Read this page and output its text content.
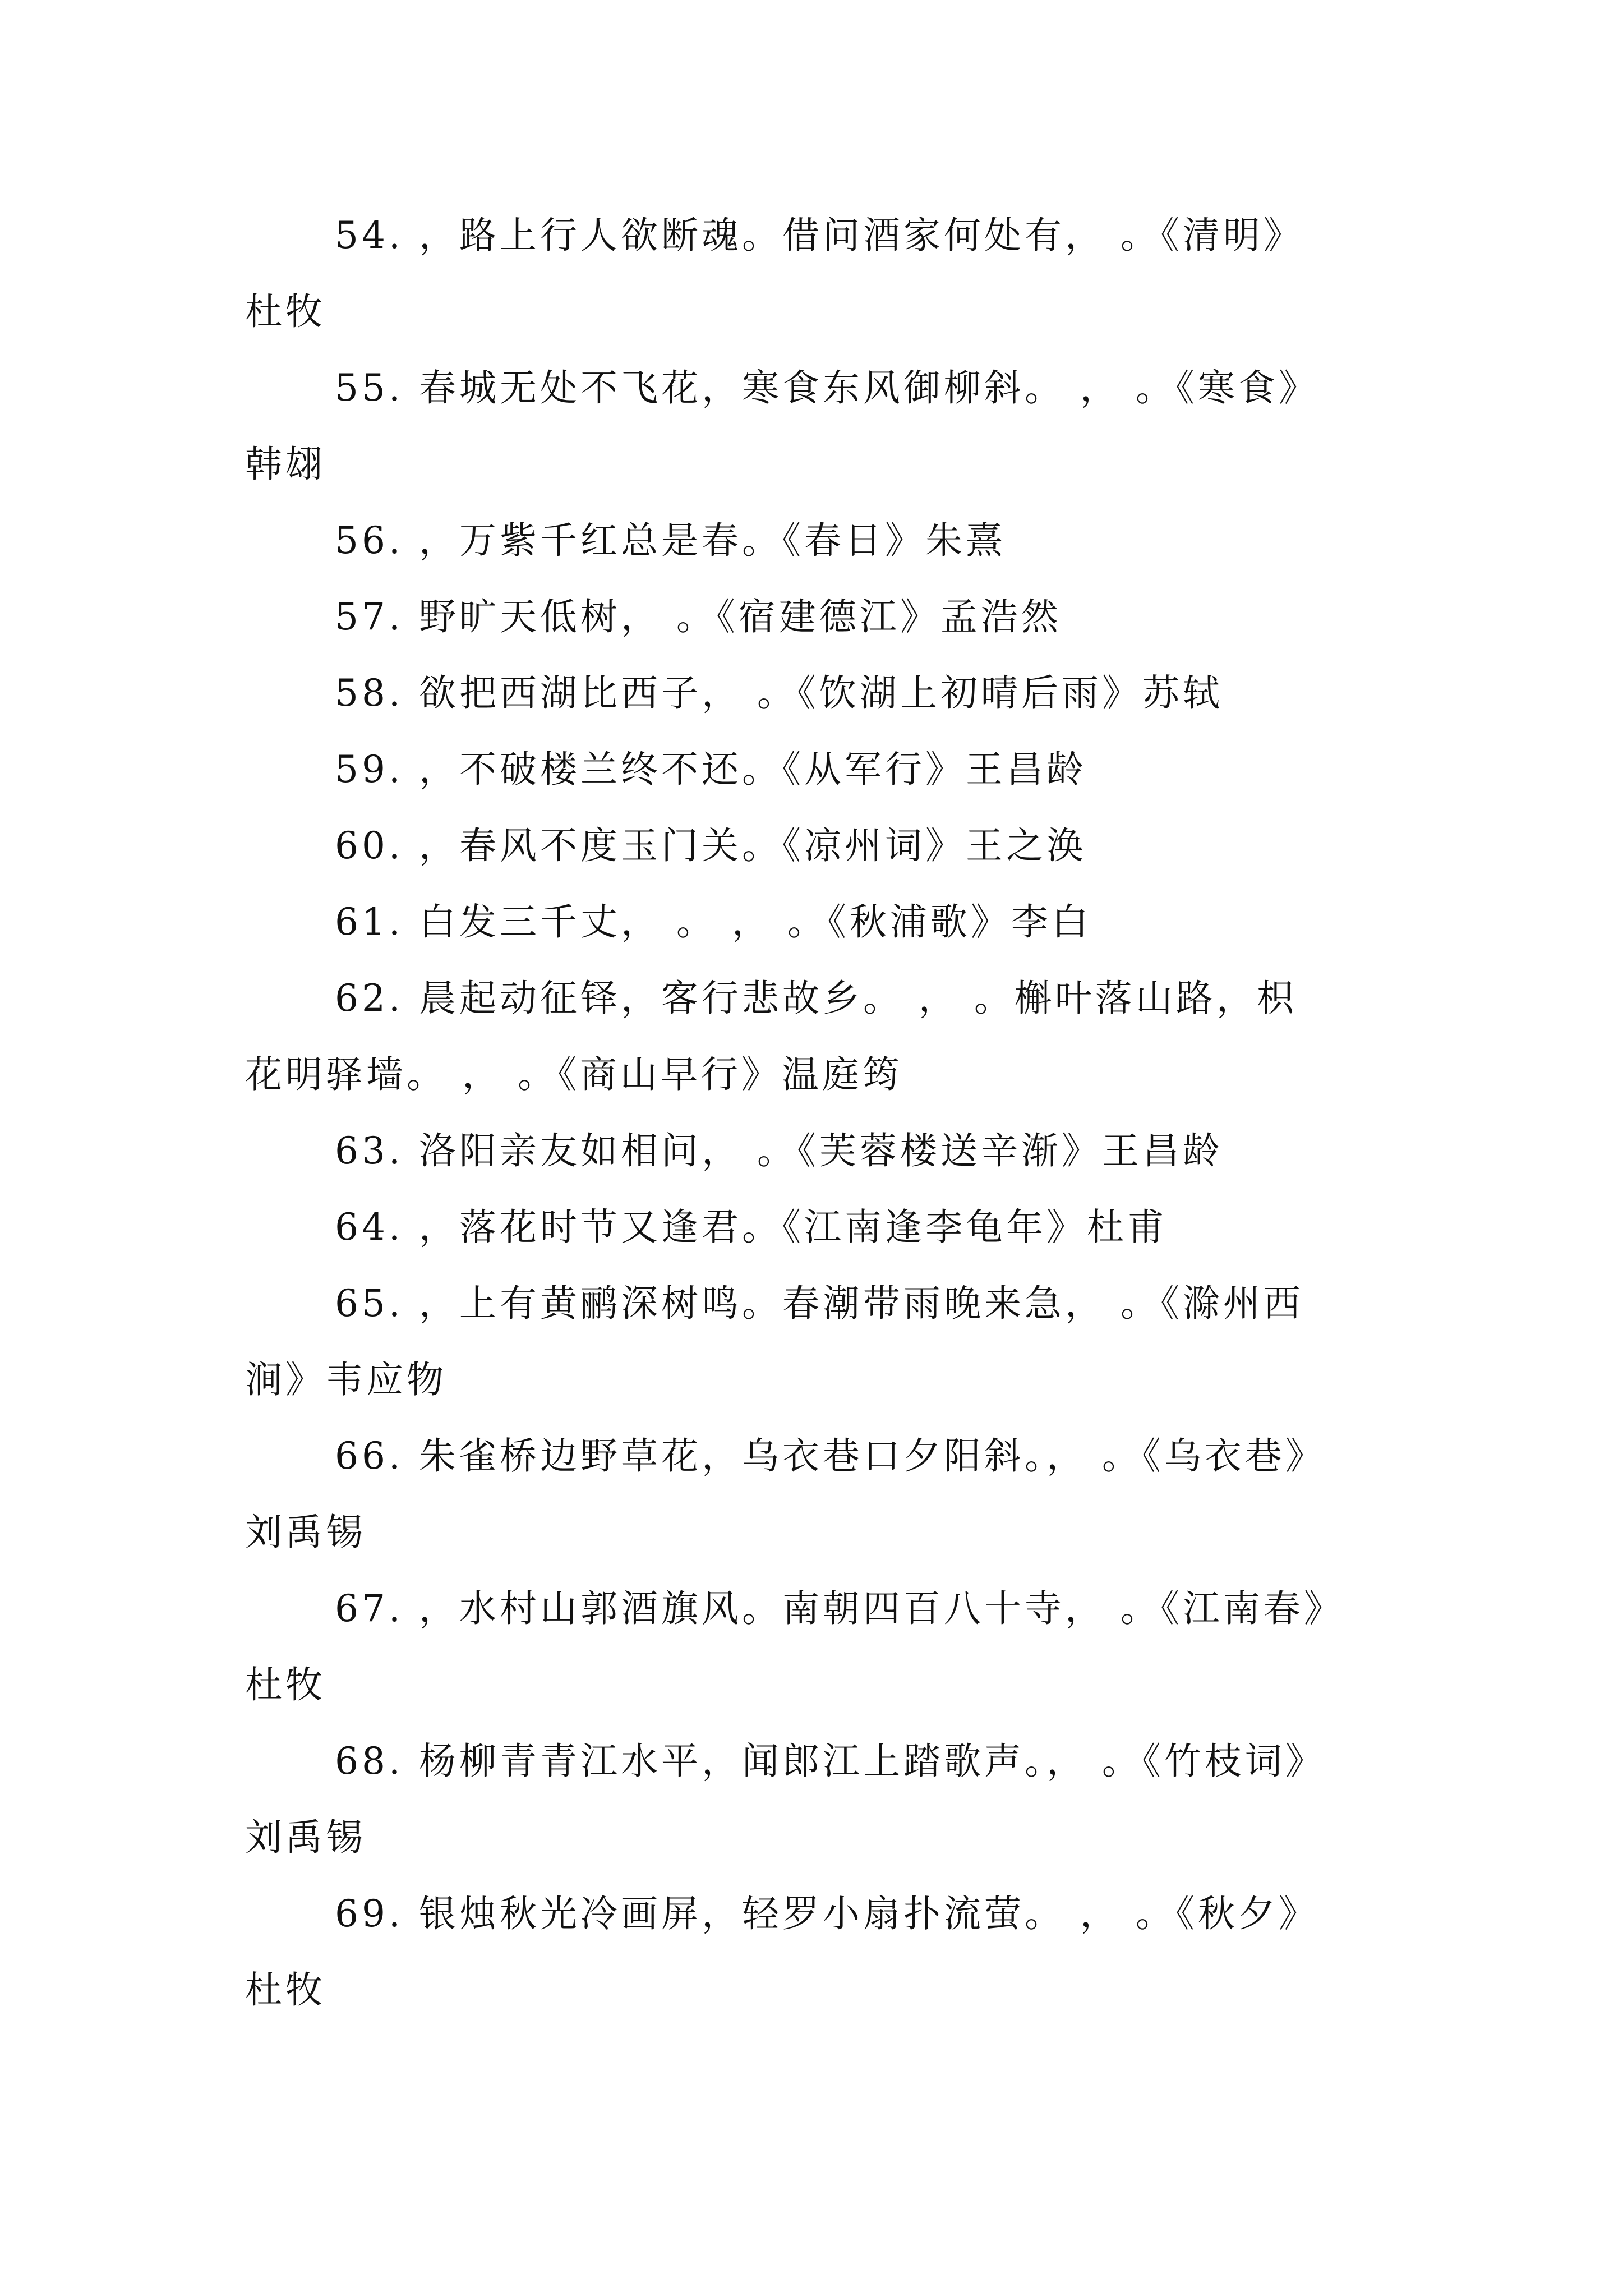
54. ，路上行人欲断魂。借问酒家何处有， 。《清明》

杜牧

55. 春城无处不飞花，寒食东风御柳斜。 ， 。《寒食》

韩翃

56. ，万紫千红总是春。《春日》朱熹

57. 野旷天低树， 。《宿建德江》孟浩然

58. 欲把西湖比西子， 。《饮湖上初晴后雨》苏轼

59. ，不破楼兰终不还。《从军行》王昌龄

60. ，春风不度玉门关。《凉州词》王之涣

61. 白发三千丈， 。 ， 。《秋浦歌》李白

62. 晨起动征铎，客行悲故乡。 ， 。槲叶落山路，枳

花明驿墙。 ， 。《商山早行》温庭筠

63. 洛阳亲友如相问， 。《芙蓉楼送辛渐》王昌龄

64. ，落花时节又逢君。《江南逢李龟年》杜甫

65. ，上有黄鹂深树鸣。春潮带雨晚来急， 。《滁州西

涧》韦应物

66. 朱雀桥边野草花，乌衣巷口夕阳斜。， 。《乌衣巷》

刘禹锡

67. ，水村山郭酒旗风。南朝四百八十寺， 。《江南春》

杜牧

68. 杨柳青青江水平，闻郎江上踏歌声。， 。《竹枝词》

刘禹锡

69. 银烛秋光冷画屏，轻罗小扇扑流萤。 ， 。《秋夕》

杜牧
